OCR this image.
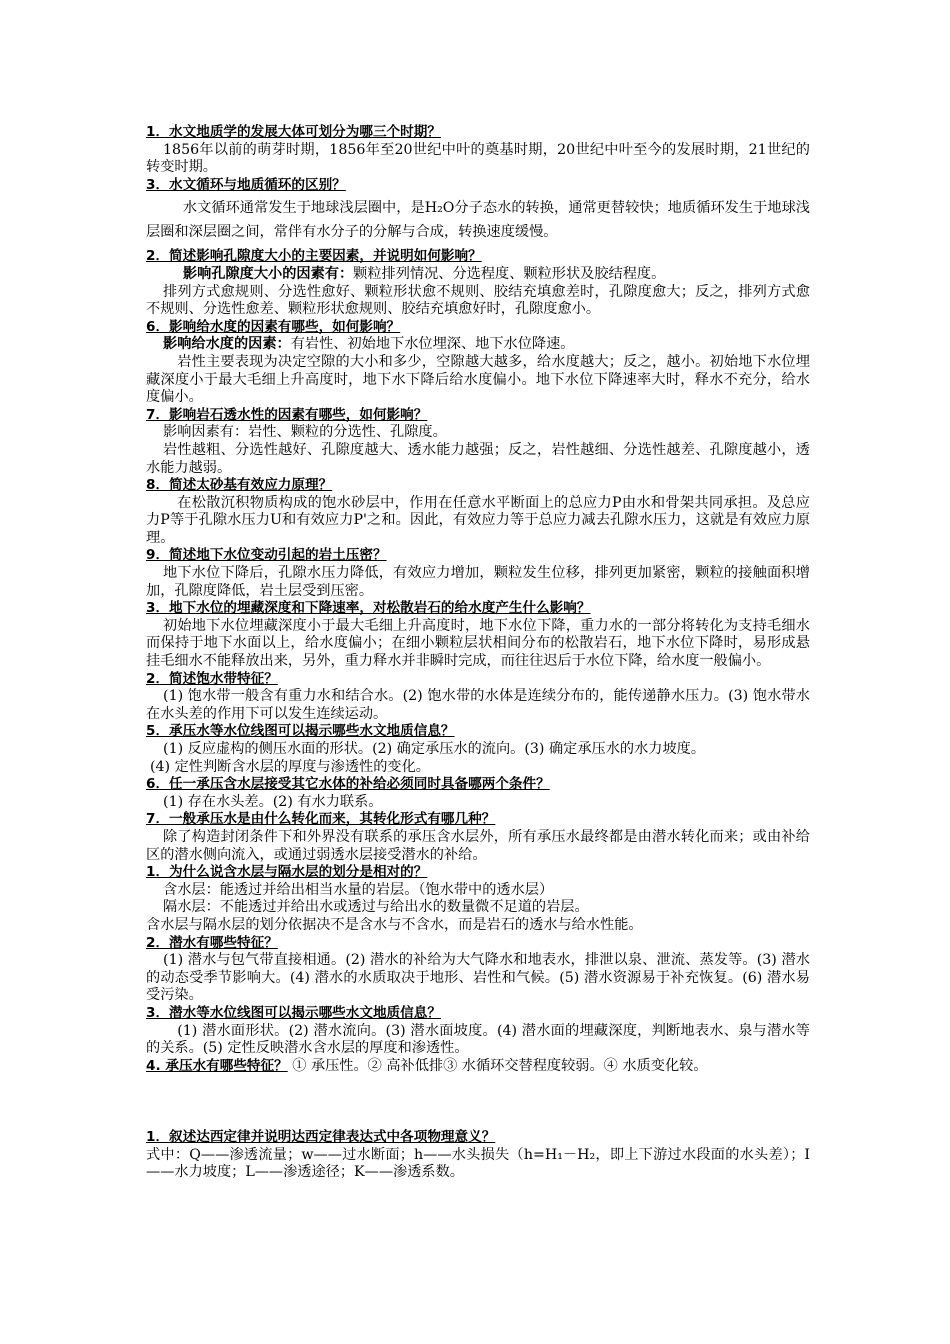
1．水文地质学的发展大体可划分为哪三个时期？

1856年以前的萌芽时期，1856年至20世纪中叶的奠基时期，20世纪中叶至今的发展时期，21世纪的转变时期。

3．水文循环与地质循环的区别？

水文循环通常发生于地球浅层圈中，是H₂O分子态水的转换，通常更替较快；地质循环发生于地球浅层圈和深层圈之间，常伴有水分子的分解与合成，转换速度缓慢。

2．简述影响孔隙度大小的主要因素，并说明如何影响？

影响孔隙度大小的因素有：颗粒排列情况、分选程度、颗粒形状及胶结程度。

排列方式愈规则、分选性愈好、颗粒形状愈不规则、胶结充填愈差时，孔隙度愈大；反之，排列方式愈不规则、分选性愈差、颗粒形状愈规则、胶结充填愈好时，孔隙度愈小。

6．影响给水度的因素有哪些，如何影响？

影响给水度的因素：有岩性、初始地下水位埋深、地下水位降速。

岩性主要表现为决定空隙的大小和多少，空隙越大越多，给水度越大；反之，越小。初始地下水位埋藏深度小于最大毛细上升高度时，地下水下降后给水度偏小。地下水位下降速率大时，释水不充分，给水度偏小。

7．影响岩石透水性的因素有哪些，如何影响？

影响因素有：岩性、颗粒的分选性、孔隙度。

岩性越粗、分选性越好、孔隙度越大、透水能力越强；反之，岩性越细、分选性越差、孔隙度越小，透水能力越弱。

8．简述太砂基有效应力原理？

在松散沉积物质构成的饱水砂层中，作用在任意水平断面上的总应力P由水和骨架共同承担。及总应力P等于孔隙水压力U和有效应力P'之和。因此，有效应力等于总应力减去孔隙水压力，这就是有效应力原理。

9．简述地下水位变动引起的岩土压密？

地下水位下降后，孔隙水压力降低，有效应力增加，颗粒发生位移，排列更加紧密，颗粒的接触面积增加，孔隙度降低，岩土层受到压密。

3．地下水位的埋藏深度和下降速率，对松散岩石的给水度产生什么影响？

初始地下水位埋藏深度小于最大毛细上升高度时，地下水位下降，重力水的一部分将转化为支持毛细水而保持于地下水面以上，给水度偏小；在细小颗粒层状相间分布的松散岩石，地下水位下降时，易形成悬挂毛细水不能释放出来，另外，重力释水并非瞬时完成，而往往迟后于水位下降，给水度一般偏小。

2．简述饱水带特征？

(1) 饱水带一般含有重力水和结合水。(2) 饱水带的水体是连续分布的，能传递静水压力。(3) 饱水带水在水头差的作用下可以发生连续运动。

5．承压水等水位线图可以揭示哪些水文地质信息？

(1) 反应虚构的侧压水面的形状。(2) 确定承压水的流向。(3) 确定承压水的水力坡度。

(4) 定性判断含水层的厚度与渗透性的变化。

6．任一承压含水层接受其它水体的补给必须同时具备哪两个条件？

(1) 存在水头差。(2) 有水力联系。

7．一般承压水是由什么转化而来，其转化形式有哪几种？

除了构造封闭条件下和外界没有联系的承压含水层外，所有承压水最终都是由潜水转化而来；或由补给区的潜水侧向流入，或通过弱透水层接受潜水的补给。

1．为什么说含水层与隔水层的划分是相对的？

含水层：能透过并给出相当水量的岩层。（饱水带中的透水层）

隔水层：不能透过并给出水或透过与给出水的数量微不足道的岩层。

含水层与隔水层的划分依据决不是含水与不含水，而是岩石的透水与给水性能。

2．潜水有哪些特征？

(1) 潜水与包气带直接相通。(2) 潜水的补给为大气降水和地表水，排泄以泉、泄流、蒸发等。(3) 潜水的动态受季节影响大。(4) 潜水的水质取决于地形、岩性和气候。(5) 潜水资源易于补充恢复。(6) 潜水易受污染。

3．潜水等水位线图可以揭示哪些水文地质信息？

(1) 潜水面形状。(2) 潜水流向。(3) 潜水面坡度。(4) 潜水面的埋藏深度，判断地表水、泉与潜水等的关系。(5) 定性反映潜水含水层的厚度和渗透性。

4. 承压水有哪些特征？ ① 承压性。② 高补低排③ 水循环交替程度较弱。④ 水质变化较。

1．叙述达西定律并说明达西定律表达式中各项物理意义？

式中：Q——渗透流量；w——过水断面；h——水头损失（h=H₁－H₂，即上下游过水段面的水头差）；I——水力坡度；L——渗透途径；K——渗透系数。
